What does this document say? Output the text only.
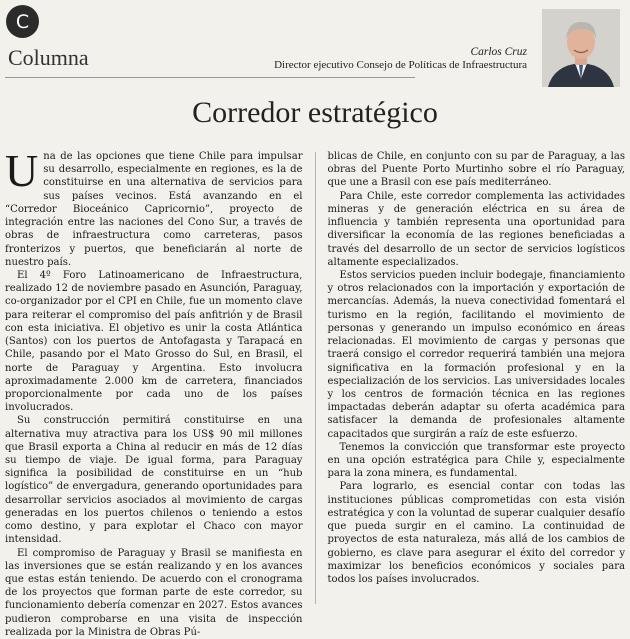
C
Columna	Carlos Cruz
Director ejecutivo Consejo de Políticas de Infraestructura
Corredor estratégico

Una de las opciones que tiene Chile para impulsar su desarrollo, especialmente en regiones, es la de constituirse en una alternativa de servicios para sus países vecinos. Está avanzando en el “Corredor Bioceánico Capricornio”, proyecto de integración entre las naciones del Cono Sur, a través de obras de infraestructura como carreteras, pasos fronterizos y puertos, que beneficiarán al norte de nuestro país.

El 4º Foro Latinoamericano de Infraestructura, realizado 12 de noviembre pasado en Asunción, Paraguay, co-organizador por el CPI en Chile, fue un momento clave para reiterar el compromiso del país anfitrión y de Brasil con esta iniciativa. El objetivo es unir la costa Atlántica (Santos) con los puertos de Antofagasta y Tarapacá en Chile, pasando por el Mato Grosso do Sul, en Brasil, el norte de Paraguay y Argentina. Esto involucra aproximadamente 2.000 km de carretera, financiados proporcionalmente por cada uno de los países involucrados.

Su construcción permitirá constituirse en una alternativa muy atractiva para los US$ 90 mil millones que Brasil exporta a China al reducir en más de 12 días su tiempo de viaje. De igual forma, para Paraguay significa la posibilidad de constituirse en un “hub logístico” de envergadura, generando oportunidades para desarrollar servicios asociados al movimiento de cargas generadas en los puertos chilenos o teniendo a estos como destino, y para explotar el Chaco con mayor intensidad.

El compromiso de Paraguay y Brasil se manifiesta en las inversiones que se están realizando y en los avances que estas están teniendo. De acuerdo con el cronograma de los proyectos que forman parte de este corredor, su funcionamiento debería comenzar en 2027. Estos avances pudieron comprobarse en una visita de inspección realizada por la Ministra de Obras Pú-

blicas de Chile, en conjunto con su par de Paraguay, a las obras del Puente Porto Murtinho sobre el río Paraguay, que une a Brasil con ese país mediterráneo.

Para Chile, este corredor complementa las actividades mineras y de generación eléctrica en su área de influencia y también representa una oportunidad para diversificar la economía de las regiones beneficiadas a través del desarrollo de un sector de servicios logísticos altamente especializados.

Estos servicios pueden incluir bodegaje, financiamiento y otros relacionados con la importación y exportación de mercancías. Además, la nueva conectividad fomentará el turismo en la región, facilitando el movimiento de personas y generando un impulso económico en áreas relacionadas. El movimiento de cargas y personas que traerá consigo el corredor requerirá también una mejora significativa en la formación profesional y en la especialización de los servicios. Las universidades locales y los centros de formación técnica en las regiones impactadas deberán adaptar su oferta académica para satisfacer la demanda de profesionales altamente capacitados que surgirán a raíz de este esfuerzo.

Tenemos la convicción que transformar este proyecto en una opción estratégica para Chile y, especialmente para la zona minera, es fundamental.

Para lograrlo, es esencial contar con todas las instituciones públicas comprometidas con esta visión estratégica y con la voluntad de superar cualquier desafío que pueda surgir en el camino. La continuidad de proyectos de esta naturaleza, más allá de los cambios de gobierno, es clave para asegurar el éxito del corredor y maximizar los beneficios económicos y sociales para todos los países involucrados.
